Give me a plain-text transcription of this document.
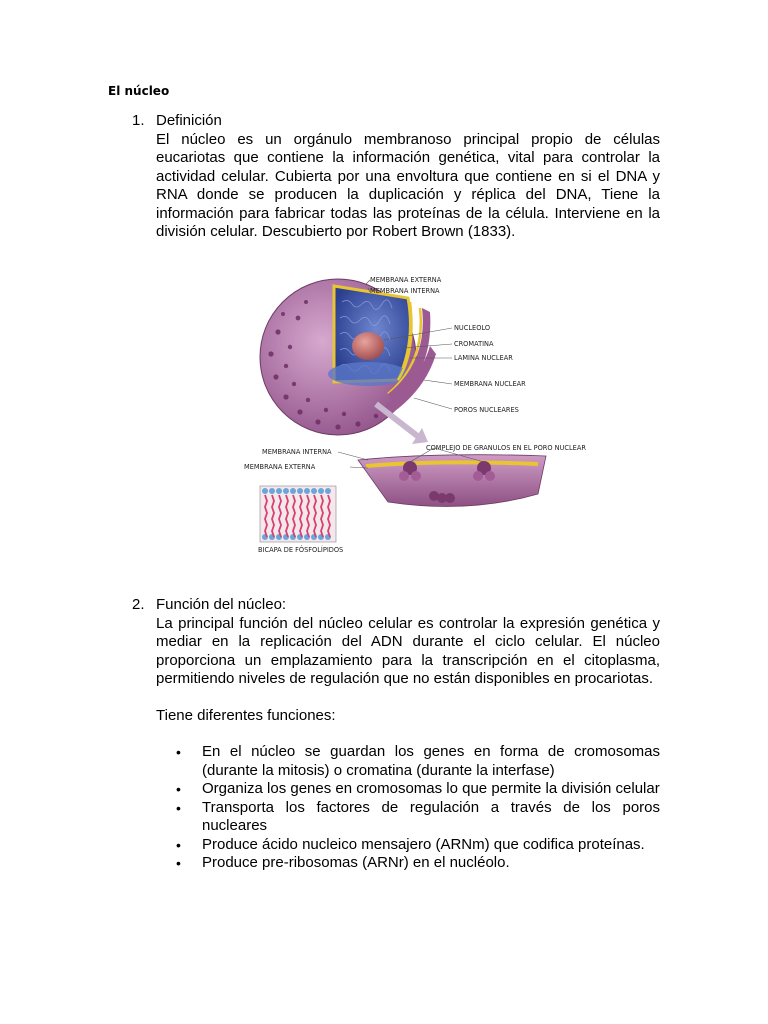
El núcleo
1. Definición

El núcleo es un orgánulo membranoso principal propio de células eucariotas que contiene la información genética, vital para controlar la actividad celular. Cubierta por una envoltura que contiene en si el DNA y RNA donde se producen la duplicación y réplica del DNA, Tiene la información para fabricar todas las proteínas de la célula. Interviene en la división celular. Descubierto por Robert Brown (1833).

MEMBRANA EXTERNA
MEMBRANA INTERNA
NUCLEOLO
CROMATINA
LAMINA NUCLEAR
MEMBRANA NUCLEAR
POROS NUCLEARES
MEMBRANA INTERNA
MEMBRANA EXTERNA
COMPLEJO DE GRANULOS EN EL PORO NUCLEAR
BICAPA DE FÓSFOLÍPIDOS
2. Función del núcleo:

La principal función del núcleo celular es controlar la expresión genética y mediar en la replicación del ADN durante el ciclo celular. El núcleo proporciona un emplazamiento para la transcripción en el citoplasma, permitiendo niveles de regulación que no están disponibles en procariotas.

Tiene diferentes funciones:

• En el núcleo se guardan los genes en forma de cromosomas (durante la mitosis) o cromatina (durante la interfase)
• Organiza los genes en cromosomas lo que permite la división celular
• Transporta los factores de regulación a través de los poros nucleares
• Produce ácido nucleico mensajero (ARNm) que codifica proteínas.
• Produce pre-ribosomas (ARNr) en el nucléolo.
